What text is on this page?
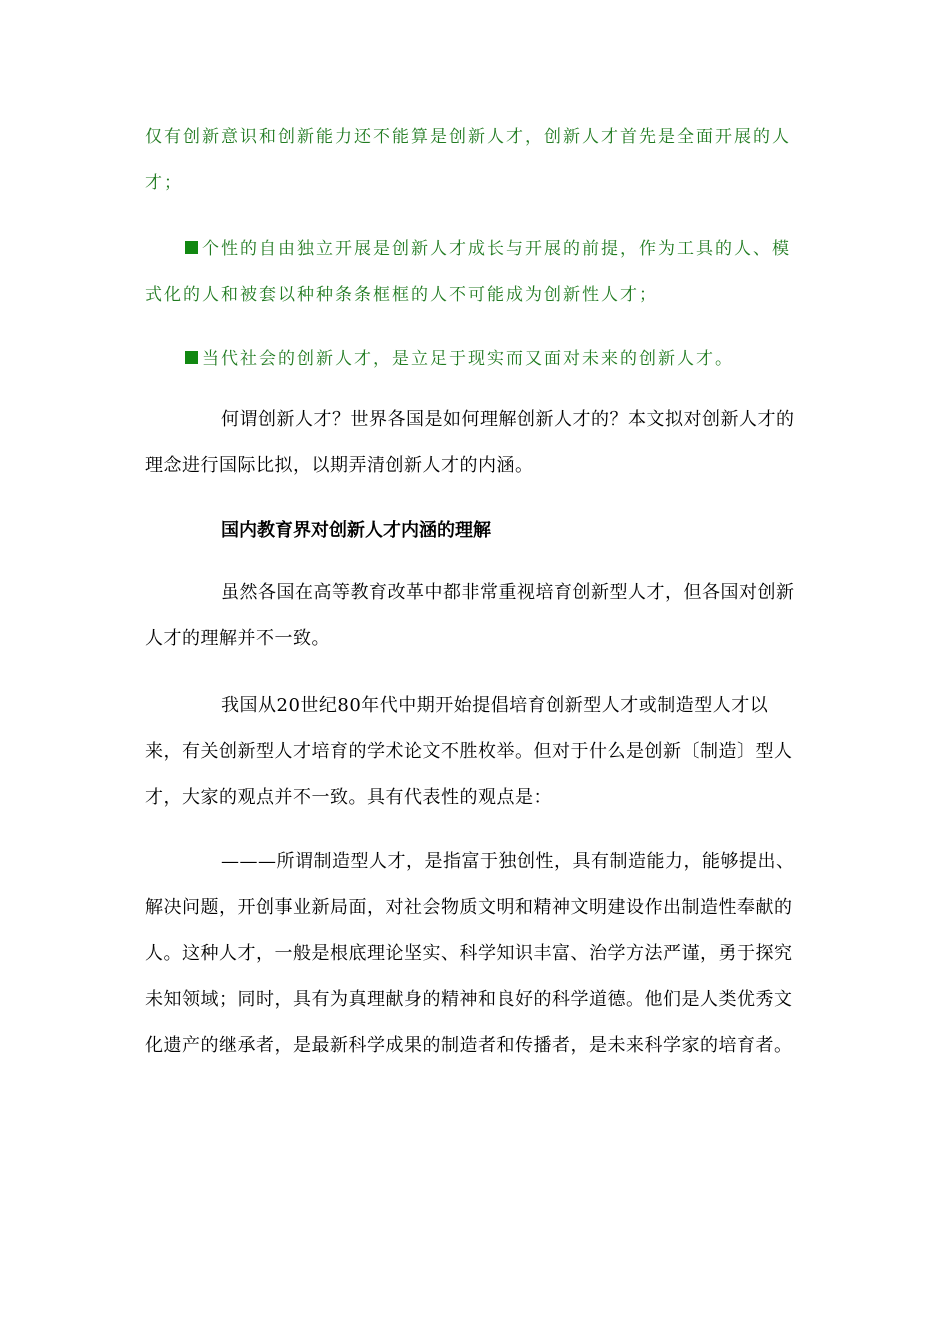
仅有创新意识和创新能力还不能算是创新人才，创新人才首先是全面开展的人才；
个性的自由独立开展是创新人才成长与开展的前提，作为工具的人、模式化的人和被套以种种条条框框的人不可能成为创新性人才；
当代社会的创新人才，是立足于现实而又面对未来的创新人才。
何谓创新人才？世界各国是如何理解创新人才的？本文拟对创新人才的理念进行国际比拟，以期弄清创新人才的内涵。
国内教育界对创新人才内涵的理解
虽然各国在高等教育改革中都非常重视培育创新型人才，但各国对创新人才的理解并不一致。
我国从20世纪80年代中期开始提倡培育创新型人才或制造型人才以来，有关创新型人才培育的学术论文不胜枚举。但对于什么是创新〔制造〕型人才，大家的观点并不一致。具有代表性的观点是：
———所谓制造型人才，是指富于独创性，具有制造能力，能够提出、解决问题，开创事业新局面，对社会物质文明和精神文明建设作出制造性奉献的人。这种人才，一般是根底理论坚实、科学知识丰富、治学方法严谨，勇于探究未知领域；同时，具有为真理献身的精神和良好的科学道德。他们是人类优秀文化遗产的继承者，是最新科学成果的制造者和传播者，是未来科学家的培育者。
